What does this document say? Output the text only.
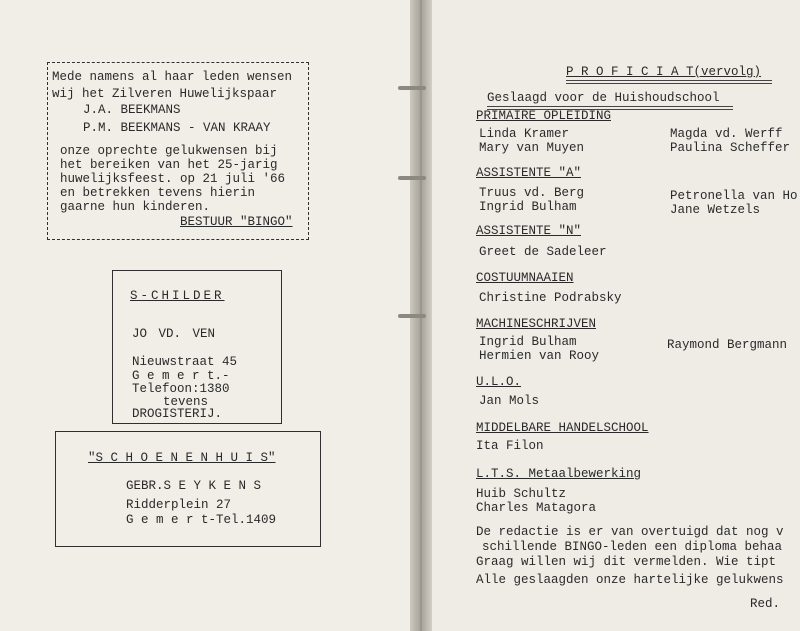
Mede namens al haar leden wensen
wij het Zilveren Huwelijkspaar
J.A. BEEKMANS
P.M. BEEKMANS - VAN KRAAY
onze oprechte gelukwensen bij
het bereiken van het 25-jarig
huwelijksfeest. op 21 juli '66
en betrekken tevens hierin
gaarne hun kinderen.
BESTUUR "BINGO"
S-CHILDER
JO VD. VEN
Nieuwstraat 45
G e m e r t.-
Telefoon:1380
tevens
DROGISTERIJ.
"S C H O E N E N H U I S"
GEBR.S E Y K E N S
Ridderplein 27
G e m e r t-Tel.1409
P R O F I C I A T(vervolg)
Geslaagd voor de Huishoudschool
PRIMAIRE OPLEIDING
Linda Kramer
Mary van Muyen
Magda vd. Werff
Paulina Scheffer
ASSISTENTE "A"
Truus vd. Berg
Ingrid Bulham
Petronella van Ho
Jane Wetzels
ASSISTENTE "N"
Greet de Sadeleer
COSTUUMNAAIEN
Christine Podrabsky
MACHINESCHRIJVEN
Ingrid Bulham
Hermien van Rooy
Raymond Bergmann
U.L.O.
Jan Mols
MIDDELBARE HANDELSCHOOL
Ita Filon
L.T.S. Metaalbewerking
Huib Schultz
Charles Matagora
De redactie is er van overtuigd dat nog v
schillende BINGO-leden een diploma behaa
Graag willen wij dit vermelden. Wie tipt
Alle geslaagden onze hartelijke gelukwens
Red.
